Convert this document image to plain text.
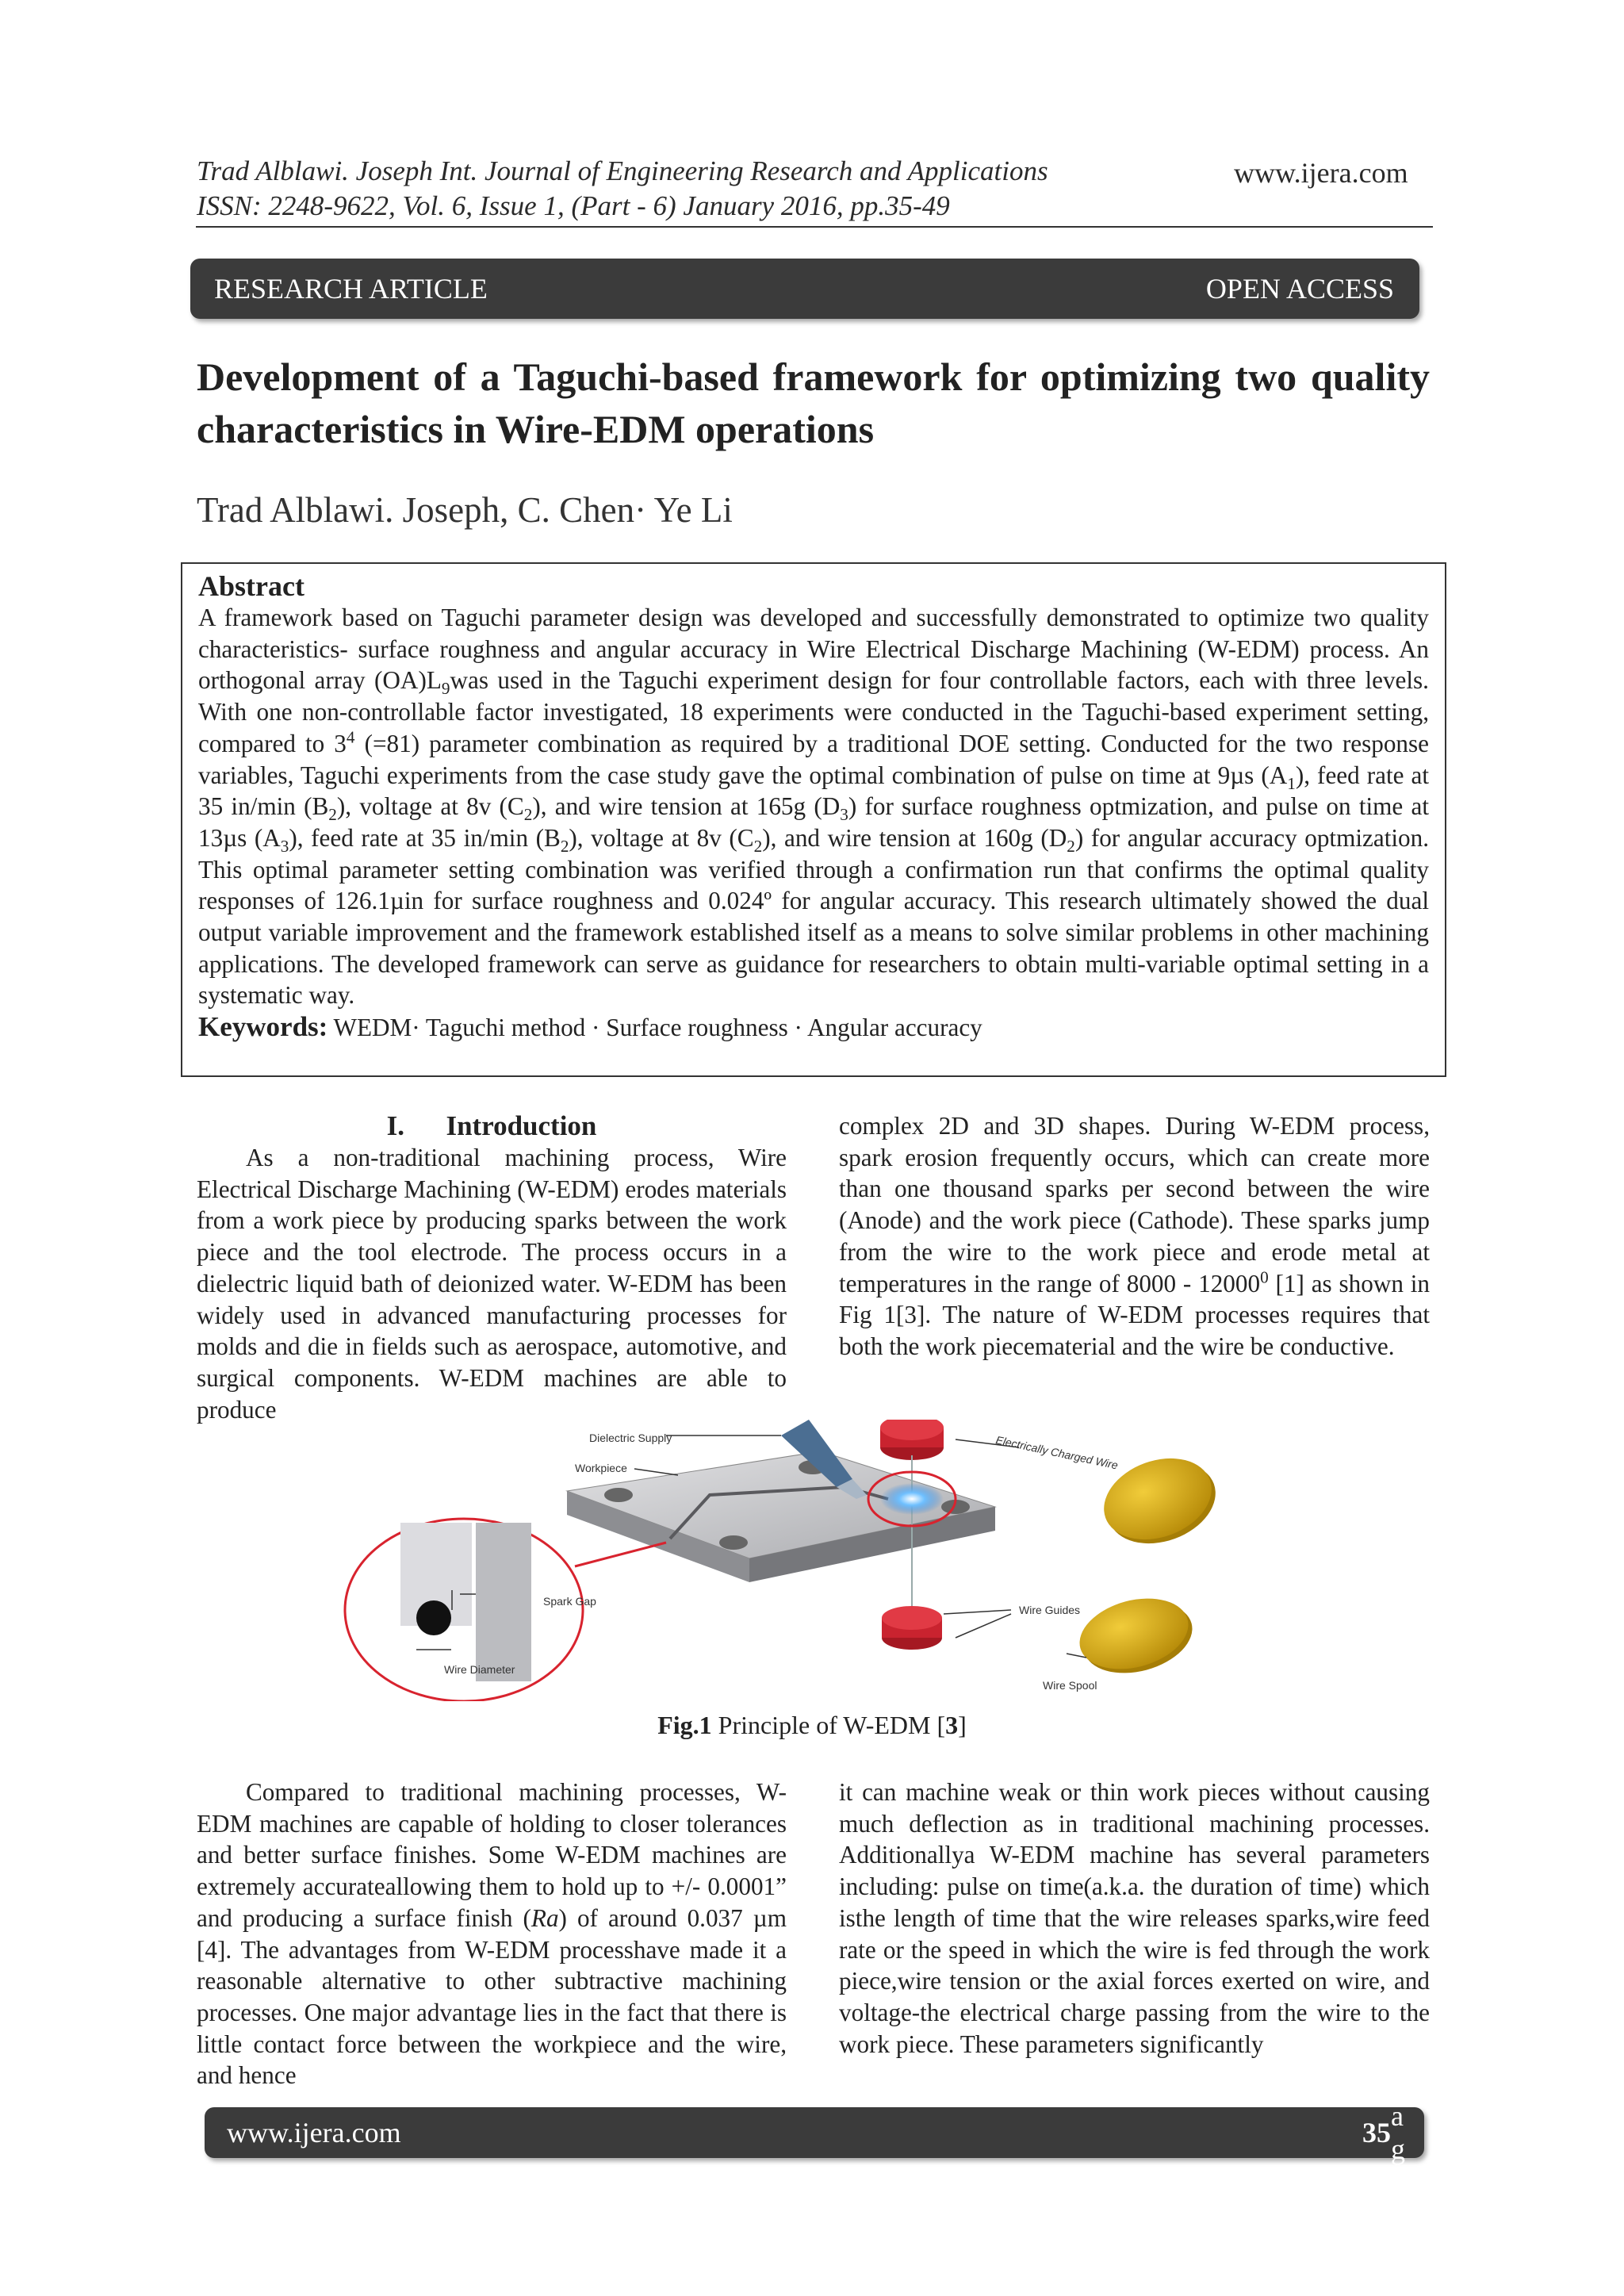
Trad Alblawi. Joseph Int. Journal of Engineering Research and Applications
ISSN: 2248-9622, Vol. 6, Issue 1, (Part - 6) January 2016, pp.35-49
www.ijera.com
RESEARCH ARTICLE	OPEN ACCESS
Development of a Taguchi-based framework for optimizing two quality characteristics in Wire-EDM operations
Trad Alblawi. Joseph, C. Chen· Ye Li
Abstract

A framework based on Taguchi parameter design was developed and successfully demonstrated to optimize two quality characteristics- surface roughness and angular accuracy in Wire Electrical Discharge Machining (W-EDM) process. An orthogonal array $(OA)L_9was$ used in the Taguchi experiment design for four controllable factors, each with three levels. With one non-controllable factor investigated, 18 experiments were conducted in the Taguchi-based experiment setting, compared to $3^4$ (=81) parameter combination as required by a traditional DOE setting. Conducted for the two response variables, Taguchi experiments from the case study gave the optimal combination of pulse on time at 9µs $(A_1)$, feed rate at 35 in/min $(B_2)$, voltage at 8v $(C_2)$, and wire tension at 165g $(D_3)$ for surface roughness optmization, and pulse on time at 13µs $(A_3)$, feed rate at 35 in/min $(B_2)$, voltage at 8v $(C_2)$, and wire tension at 160g $(D_2)$ for angular accuracy optmization. This optimal parameter setting combination was verified through a confirmation run that confirms the optimal quality responses of 126.1µin for surface roughness and 0.024º for angular accuracy. This research ultimately showed the dual output variable improvement and the framework established itself as a means to solve similar problems in other machining applications. The developed framework can serve as guidance for researchers to obtain multi-variable optimal setting in a systematic way.

Keywords: WEDM· Taguchi method · Surface roughness · Angular accuracy
I.      Introduction

As a non-traditional machining process, Wire Electrical Discharge Machining (W-EDM) erodes materials from a work piece by producing sparks between the work piece and the tool electrode. The process occurs in a dielectric liquid bath of deionized water. W-EDM has been widely used in advanced manufacturing processes for molds and die in fields such as aerospace, automotive, and surgical components. W-EDM machines are able to produce

complex 2D and 3D shapes. During W-EDM process, spark erosion frequently occurs, which can create more than one thousand sparks per second between the wire (Anode) and the work piece (Cathode). These sparks jump from the wire to the work piece and erode metal at temperatures in the range of 8000 - 12000$^0$ [1] as shown in Fig 1[3]. The nature of W-EDM processes requires that both the work piecematerial and the wire be conductive.

Dielectric Supply
Workpiece	Electrically Charged Wire
Spark Gap
Wire Diameter
Wire Guides
Wire Spool
Fig.1 Principle of W-EDM [3]

Compared to traditional machining processes, W-EDM machines are capable of holding to closer tolerances and better surface finishes. Some W-EDM machines are extremely accurateallowing them to hold up to +/- 0.0001” and producing a surface finish (Ra) of around 0.037 µm [4]. The advantages from W-EDM processhave made it a reasonable alternative to other subtractive machining processes. One major advantage lies in the fact that there is little contact force between the workpiece and the wire, and hence

it can machine weak or thin work pieces without causing much deflection as in traditional machining processes. Additionallya W-EDM machine has several parameters including: pulse on time(a.k.a. the duration of time) which isthe length of time that the wire releases sparks,wire feed rate or the speed in which the wire is fed through the work piece,wire tension or the axial forces exerted on wire, and voltage-the electrical charge passing from the wire to the work piece. These parameters significantly

www.ijera.com	35
|P a g e
